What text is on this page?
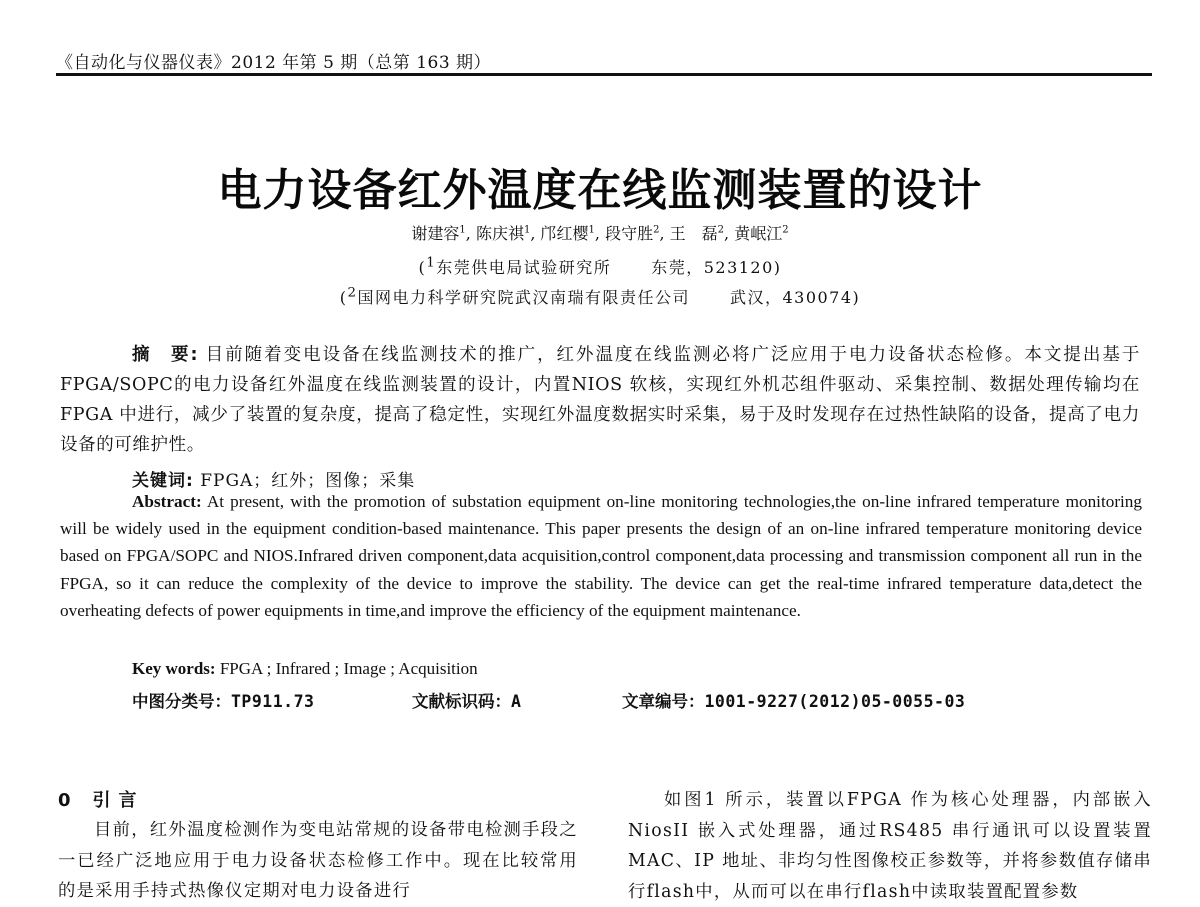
《自动化与仪器仪表》2012 年第 5 期（总第 163 期）
电力设备红外温度在线监测装置的设计
谢建容$^1$, 陈庆祺$^1$, 邝红樱$^1$, 段守胜$^2$, 王　磊$^2$, 黄岷江$^2$
($^1$东莞供电局试验研究所	东莞，523120)
($^2$国网电力科学研究院武汉南瑞有限责任公司	武汉，430074)
摘　要: 目前随着变电设备在线监测技术的推广，红外温度在线监测必将广泛应用于电力设备状态检修。本文提出基于FPGA/SOPC的电力设备红外温度在线监测装置的设计，内置NIOS 软核，实现红外机芯组件驱动、采集控制、数据处理传输均在FPGA 中进行，减少了装置的复杂度，提高了稳定性，实现红外温度数据实时采集，易于及时发现存在过热性缺陷的设备，提高了电力设备的可维护性。
关键词: FPGA；红外；图像；采集
Abstract: At present, with the promotion of substation equipment on-line monitoring technologies,the on-line infrared temperature monitoring will be widely used in the equipment condition-based maintenance. This paper presents the design of an on-line infrared temperature monitoring device based on FPGA/SOPC and NIOS.Infrared driven component,data acquisition,control component,data processing and transmission component all run in the FPGA, so it can reduce the complexity of the device to improve the stability. The device can get the real-time infrared temperature data,detect the overheating defects of power equipments in time,and improve the efficiency of the equipment maintenance.
Key words: FPGA ; Infrared ; Image ; Acquisition
中图分类号：TP911.73	文献标识码：A	文章编号：1001-9227(2012)05-0055-03
0 引言

目前，红外温度检测作为变电站常规的设备带电检测手段之一已经广泛地应用于电力设备状态检修工作中。现在比较常用的是采用手持式热像仪定期对电力设备进行

如图1 所示，装置以FPGA 作为核心处理器，内部嵌入NiosII 嵌入式处理器，通过RS485 串行通讯可以设置装置MAC、IP 地址、非均匀性图像校正参数等，并将参数值存储串行flash中，从而可以在串行flash中读取装置配置参数
